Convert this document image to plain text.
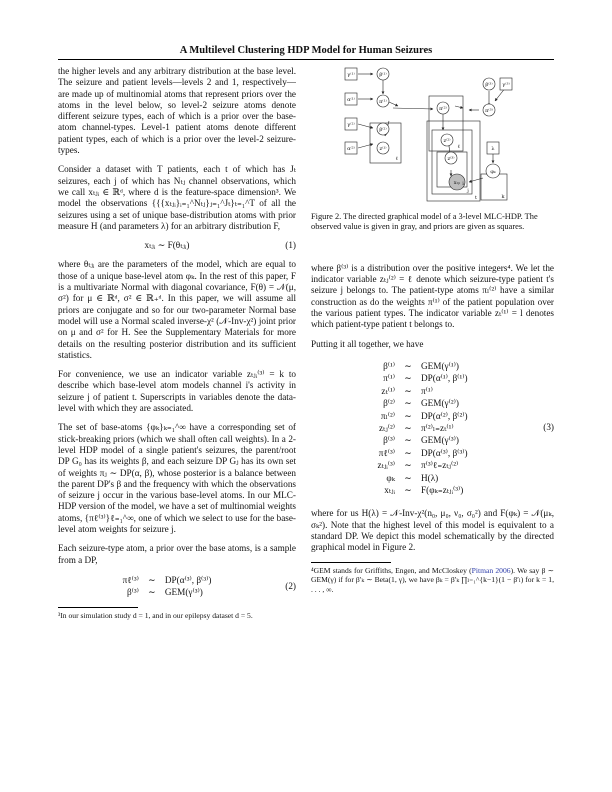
A Multilevel Clustering HDP Model for Human Seizures

the higher levels and any arbitrary distribution at the base level. The seizure and patient levels—levels 2 and 1, respectively—are made up of multinomial atoms that represent priors over the atoms in the level below, so level-2 seizure atoms denote different seizure types, each of which is a prior over the base-atom channel-types. Level-1 patient atoms denote different patient types, each of which is a prior over the level-2 seizure-types.

Consider a dataset with T patients, each t of which has Jₜ seizures, each j of which has Nₜⱼ channel observations, which we call xₜⱼᵢ ∈ ℝᵈ, where d is the feature-space dimension³. We model the observations {{{xₜⱼᵢ}ᵢ₌₁^Nₜⱼ}ⱼ₌₁^Jₜ}ₜ₌₁^T of all the seizures using a set of unique base-distribution atoms with prior measure H (and parameters λ) for an arbitrary distribution F,

xₜⱼᵢ ∼ F(θₜⱼᵢ)	(1)

where θₜⱼᵢ are the parameters of the model, which are equal to those of a unique base-level atom φₖ. In the rest of this paper, F is a multivariate Normal with diagonal covariance, F(θ) = 𝒩(μ, σ²) for μ ∈ ℝᵈ, σ² ∈ ℝ₊ᵈ. In this paper, we will assume all priors are conjugate and so for our two-parameter Normal base model will use a Normal scaled inverse-χ² (𝒩-Inv-χ²) joint prior on μ and σ² for H. See the Supplementary Materials for more details on the resulting posterior distribution and its sufficient statistics.

For convenience, we use an indicator variable zₜⱼᵢ⁽³⁾ = k to describe which base-level atom models channel i's activity in seizure j of patient t. Superscripts in variables denote the data-level with which they are associated.

The set of base-atoms {φₖ}ₖ₌₁^∞ have a corresponding set of stick-breaking priors (which we shall often call weights). In a 2-level HDP model of a single patient's seizures, the parent/root DP G₀ has its weights β, and each seizure DP Gⱼ has its own set of weights πⱼ ∼ DP(α, β), whose posterior is a balance between the parent DP's β and the frequency with which the observations of seizure j occur in the various base-level atoms. In our MLC-HDP version of the model, we have a set of multinomial weights atoms, {πℓ⁽³⁾}ℓ₌₁^∞, one of which we select to use for the base-level atom weights for seizure j.

Each seizure-type atom, a prior over the base atoms, is a sample from a DP,

πℓ⁽³⁾	∼	DP(α⁽³⁾, β⁽³⁾)
β⁽³⁾	∼	GEM(γ⁽³⁾)
(2)
³In our simulation study d = 1, and in our epilepsy dataset d = 5.
γ⁽¹⁾	β⁽¹⁾
α⁽¹⁾	π⁽¹⁾
γ⁽²⁾
β⁽²⁾
α⁽²⁾	z⁽¹⁾
π⁽²⁾
z⁽²⁾
z⁽³⁾
xₜⱼᵢ
β⁽³⁾ γ⁽³⁾
π⁽³⁾
λ
φₖ
ℓ
ℓ
i
j
t	k
Figure 2. The directed graphical model of a 3-level MLC-HDP. The observed value is given in gray, and priors are given as squares.

where β⁽³⁾ is a distribution over the positive integers⁴. We let the indicator variable zₜⱼ⁽²⁾ = ℓ denote which seizure-type patient t's seizure j belongs to. The patient-type atoms πₗ⁽²⁾ have a similar construction as do the weights π⁽¹⁾ of the patient population over the various patient types. The indicator variable zₜ⁽¹⁾ = l denotes which patient-type patient t belongs to.

Putting it all together, we have

β⁽¹⁾	∼	GEM(γ⁽¹⁾)
π⁽¹⁾	∼	DP(α⁽¹⁾, β⁽¹⁾)
zₜ⁽¹⁾	∼	π⁽¹⁾
β⁽²⁾	∼	GEM(γ⁽²⁾)
πₗ⁽²⁾	∼	DP(α⁽²⁾, β⁽²⁾)
zₜⱼ⁽²⁾	∼	π⁽²⁾ₗ₌zₜ⁽¹⁾
β⁽³⁾	∼	GEM(γ⁽³⁾)
πℓ⁽³⁾	∼	DP(α⁽³⁾, β⁽³⁾)
zₜⱼᵢ⁽³⁾	∼	π⁽³⁾ℓ₌zₜⱼ⁽²⁾
φₖ	∼	H(λ)
xₜⱼᵢ	∼	F(φₖ₌zₜⱼᵢ⁽³⁾)
(3)

where for us H(λ) = 𝒩-Inv-χ²(n₀, μ₀, ν₀, σ₀²) and F(φₖ) = 𝒩(μₖ, σₖ²). Note that the highest level of this model is equivalent to a standard DP. We depict this model schematically by the directed graphical model in Figure 2.

⁴GEM stands for Griffiths, Engen, and McCloskey (Pitman 2006). We say β ∼ GEM(γ) if for β′ₖ ∼ Beta(1, γ), we have βₖ = β′ₖ ∏ₗ₌₁^{k−1}(1 − β′ₗ) for k = 1, . . . , ∞.
